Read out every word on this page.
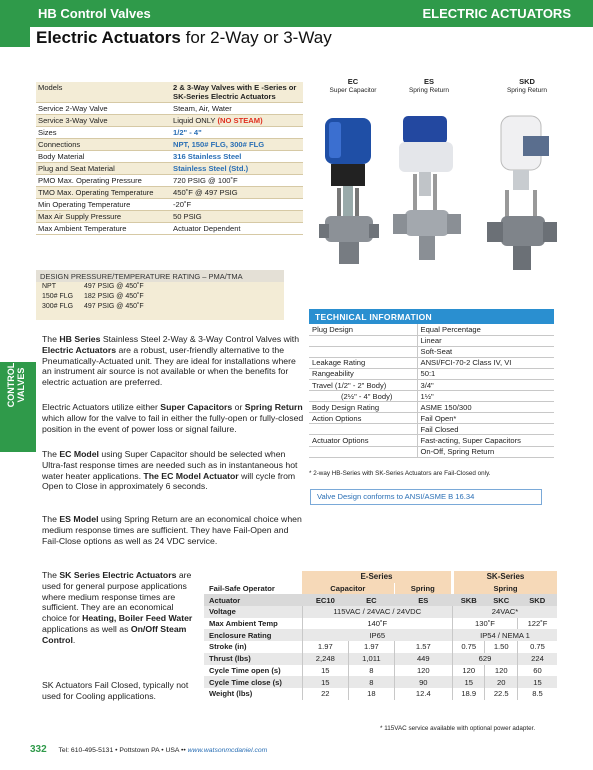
HB Control Valves	ELECTRIC ACTUATORS
Electric Actuators for 2-Way or 3-Way
CONTROL VALVES
Models	2 & 3-Way Valves with E -Series or SK-Series Electric Actuators
Service 2-Way Valve	Steam, Air, Water
Service 3-Way Valve	Liquid ONLY (NO STEAM)
Sizes	1/2" - 4"
Connections	NPT, 150# FLG, 300# FLG
Body Material	316 Stainless Steel
Plug and Seat Material	Stainless Steel (Std.)
PMO Max. Operating Pressure	720 PSIG @ 100˚F
TMO Max. Operating Temperature	450˚F @ 497 PSIG
Min Operating Temperature	-20˚F
Max Air Supply Pressure	50 PSIG
Max Ambient Temperature	Actuator Dependent
DESIGN PRESSURE/TEMPERATURE RATING – PMA/TMA
NPT	497 PSIG @ 450˚F
150# FLG 182 PSIG @ 450˚F
300# FLG 497 PSIG @ 450˚F
EC
Super Capacitor
ES
Spring Return
SKD
Spring Return
TECHNICAL INFORMATION
Plug Design	Equal Percentage
	Linear
	Soft-Seat
Leakage Rating	ANSI/FCI-70-2 Class IV, VI
Rangeability	50:1
Travel (1/2" - 2" Body)	3/4"
(2½" - 4" Body)	1½"
Body Design Rating	ASME 150/300
Action Options	Fail Open*
	Fail Closed
Actuator Options	Fast-acting, Super Capacitors
	On-Off, Spring Return
* 2-way HB-Series with SK-Series Actuators are Fail-Closed only.
Valve Design conforms to ANSI/ASME B 16.34
The HB Series Stainless Steel 2-Way & 3-Way Control Valves with Electric Actuators are a robust, user-friendly alternative to the Pneumatically-Actuated unit. They are ideal for installations where an instrument air source is not available or when the benefits for electric actuation are preferred.
Electric Actuators utilize either Super Capacitors or Spring Return which allow for the valve to fail in either the fully-open or fully-closed position in the event of power loss or signal failure.
The EC Model using Super Capacitor should be selected when Ultra-fast response times are needed such as in instantaneous hot water heater applications. The EC Model Actuator will cycle from Open to Close in approximately 6 seconds.
The ES Model using Spring Return are an economical choice when medium response times are sufficient. They have Fail-Open and Fail-Close options as well as 24 VDC service.
The SK Series Electric Actuators are used for general purpose applications where medium response times are sufficient. They are an economical choice for Heating, Boiler Feed Water applications as well as On/Off Steam Control.
SK Actuators Fail Closed, typically not used for Cooling applications.
	E-Series			SK-Series		
Fail-Safe Operator	Capacitor		Spring	Spring		
Actuator	EC10	EC	ES	SKB	SKC	SKD
Voltage	115VAC / 24VAC / 24VDC			24VAC*		
Max Ambient Temp	140˚F			130˚F		122˚F
Enclosure Rating	IP65			IP54 / NEMA 1		
Stroke (in)	1.97	1.97	1.57	0.75	1.50	0.75
Thrust (lbs)	2,248	1,011	449	629		224
Cycle Time open (s)	15	8	120	120	120	60
Cycle Time close (s)	15	8	90	15	20	15
Weight (lbs)	22	18	12.4	18.9	22.5	8.5
* 115VAC service available with optional power adapter.
332 Tel: 610-495-5131 • Pottstown PA • USA •• www.watsonmcdaniel.com
